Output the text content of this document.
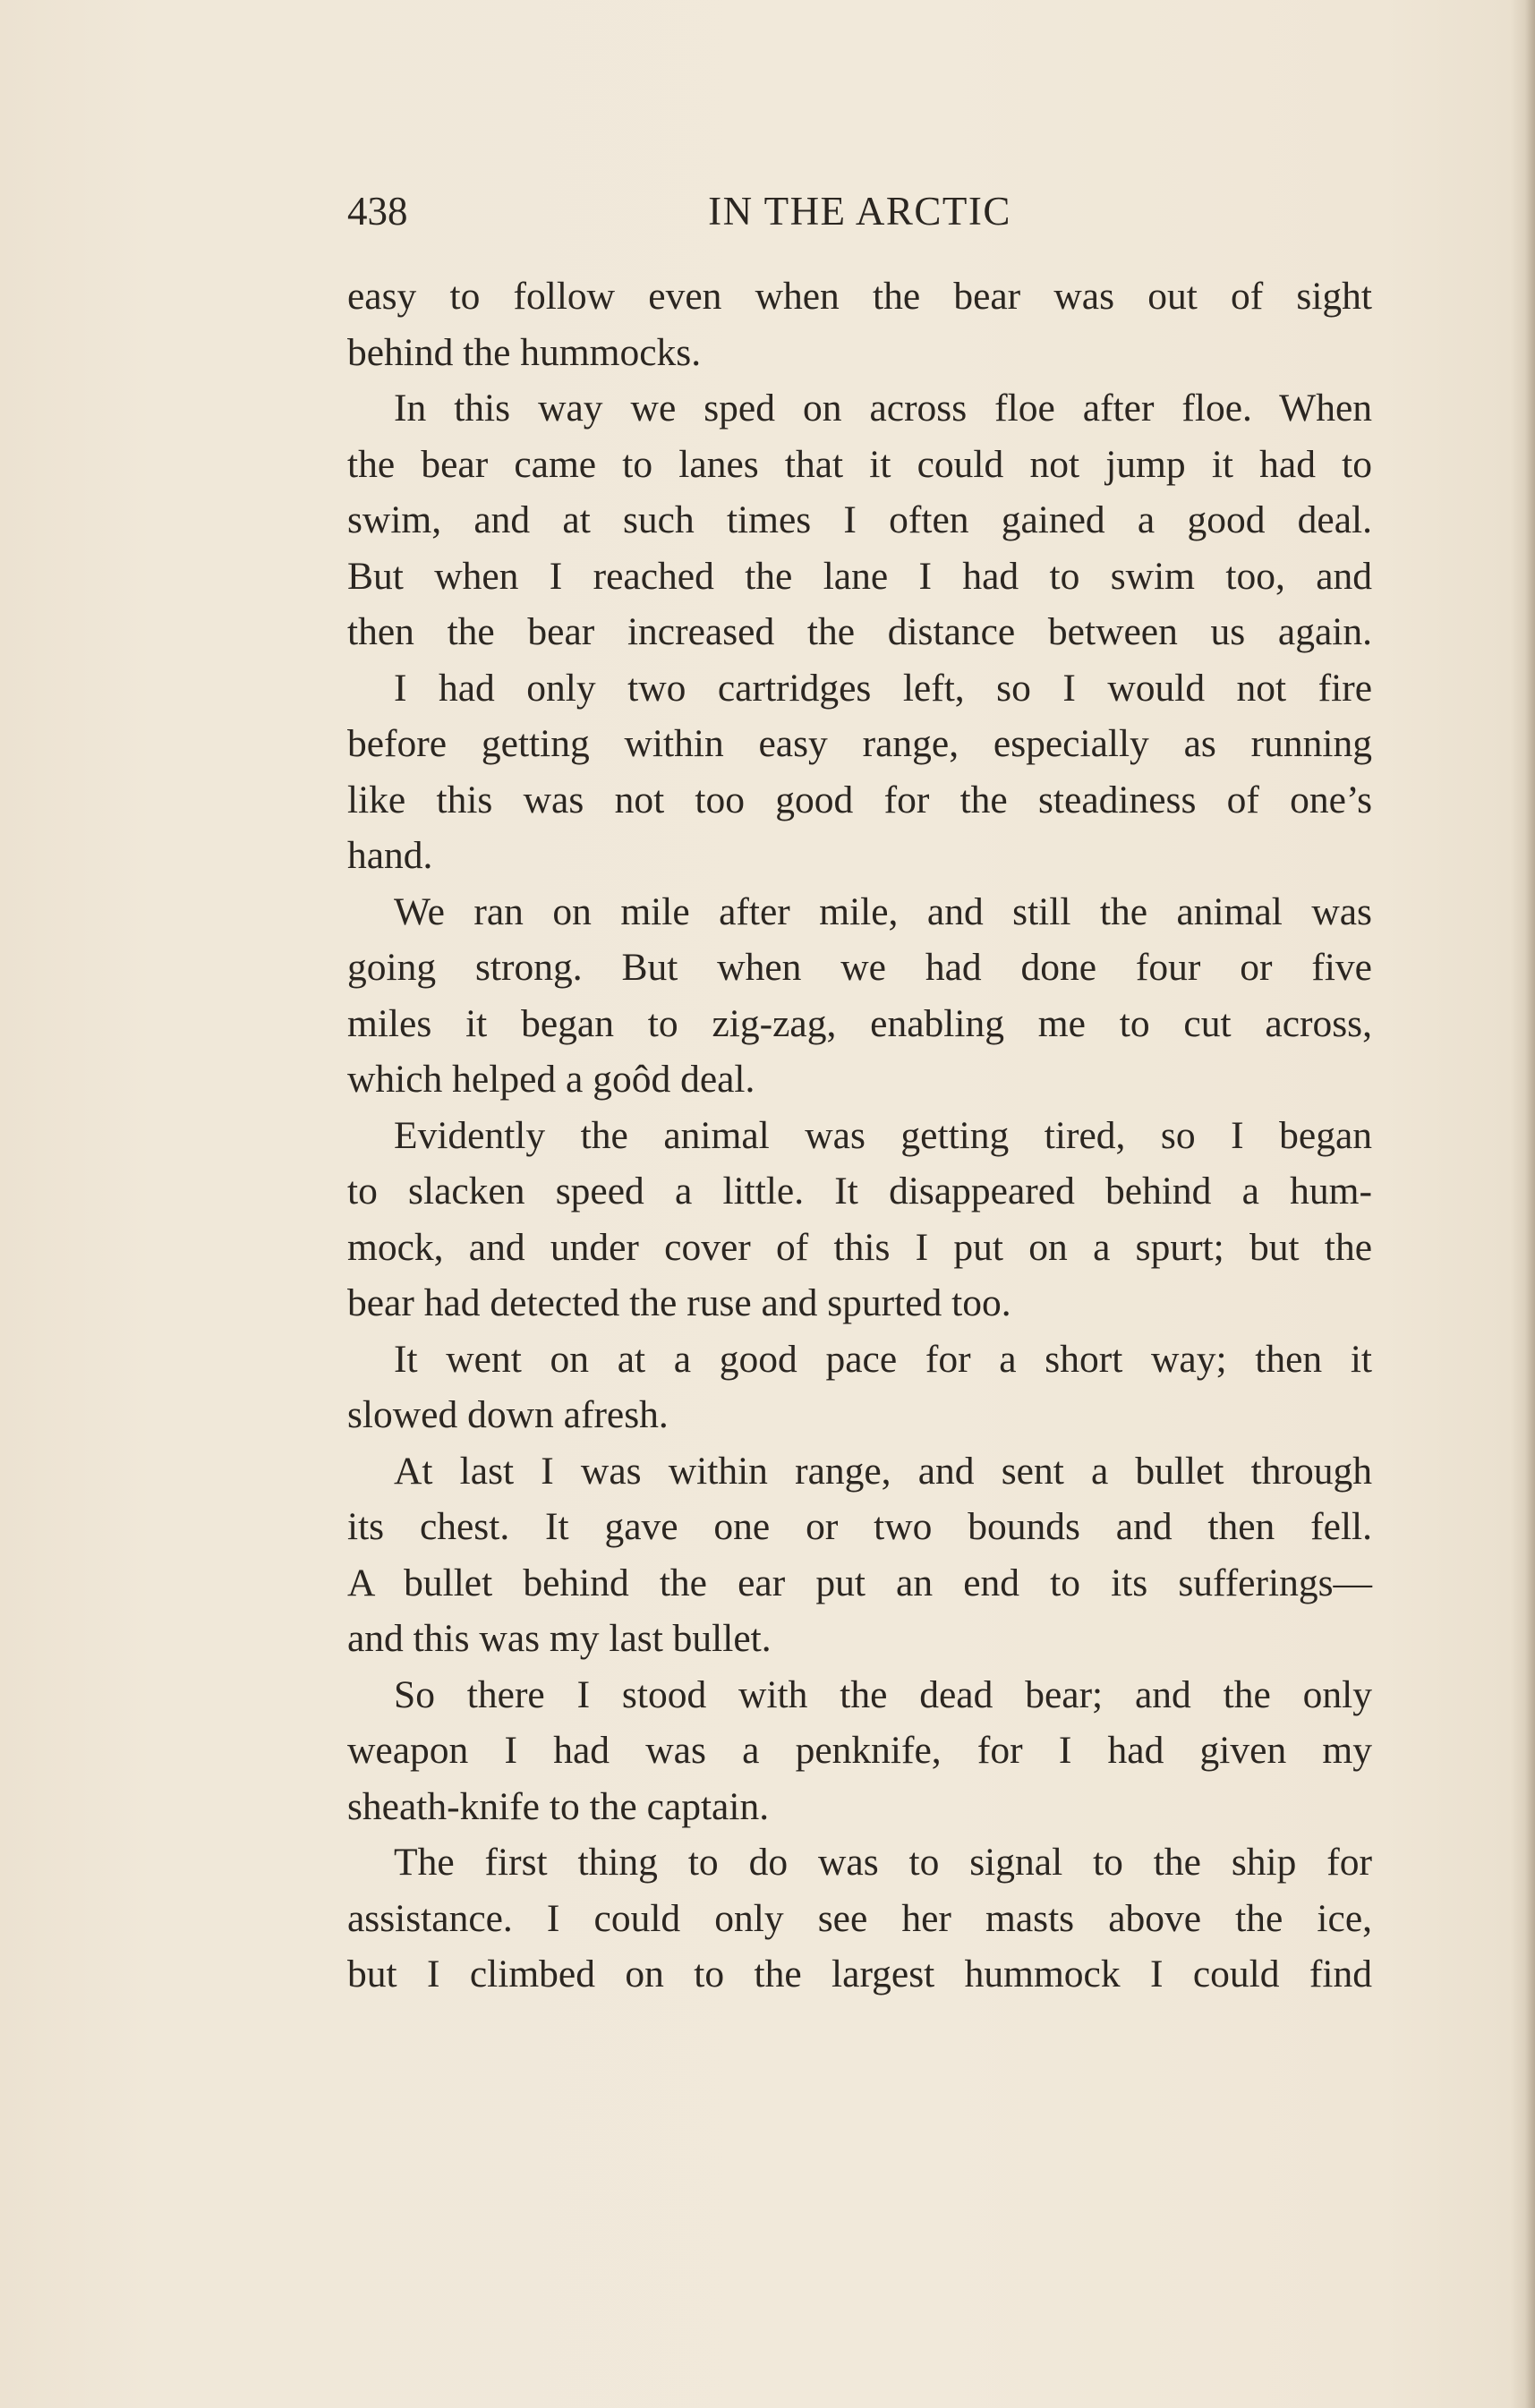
438	IN THE ARCTIC

easy to follow even when the bear was out of sight

behind the hummocks.

In this way we sped on across floe after floe. When

the bear came to lanes that it could not jump it had to

swim, and at such times I often gained a good deal.

But when I reached the lane I had to swim too, and

then the bear increased the distance between us again.

I had only two cartridges left, so I would not fire

before getting within easy range, especially as running

like this was not too good for the steadiness of one’s

hand.

We ran on mile after mile, and still the animal was

going strong. But when we had done four or five

miles it began to zig-zag, enabling me to cut across,

which helped a goôd deal.

Evidently the animal was getting tired, so I began

to slacken speed a little. It disappeared behind a hum-

mock, and under cover of this I put on a spurt; but the

bear had detected the ruse and spurted too.

It went on at a good pace for a short way; then it

slowed down afresh.

At last I was within range, and sent a bullet through

its chest. It gave one or two bounds and then fell.

A bullet behind the ear put an end to its sufferings—

and this was my last bullet.

So there I stood with the dead bear; and the only

weapon I had was a penknife, for I had given my

sheath-knife to the captain.

The first thing to do was to signal to the ship for

assistance. I could only see her masts above the ice,

but I climbed on to the largest hummock I could find
